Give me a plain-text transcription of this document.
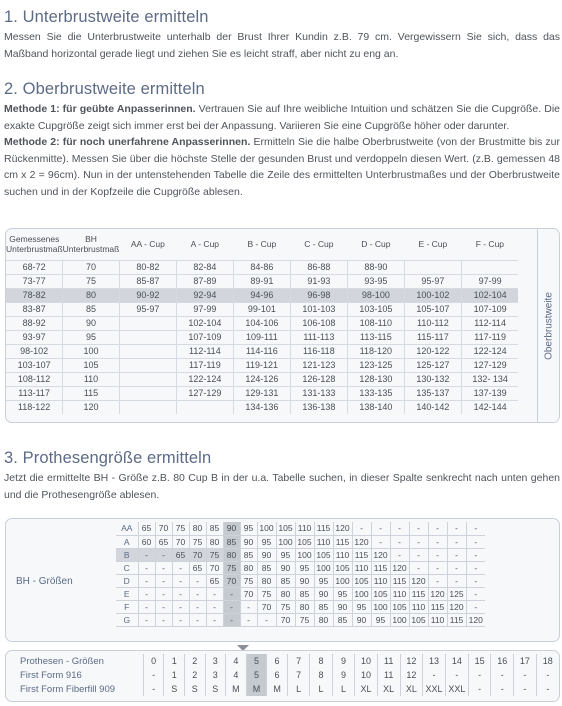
1. Unterbrustweite ermitteln

Messen Sie die Unterbrustweite unterhalb der Brust Ihrer Kundin z.B. 79 cm. Vergewissern Sie sich, dass das Maßband horizontal gerade liegt und ziehen Sie es leicht straff, aber nicht zu eng an.

2. Oberbrustweite ermitteln

Methode 1: für geübte Anpasserinnen. Vertrauen Sie auf Ihre weibliche Intuition und schätzen Sie die Cupgröße. Die exakte Cupgröße zeigt sich immer erst bei der Anpassung. Variieren Sie eine Cupgröße höher oder darunter.

Methode 2: für noch unerfahrene Anpasserinnen. Ermitteln Sie die halbe Oberbrustweite (von der Brustmitte bis zur Rückenmitte). Messen Sie über die höchste Stelle der gesunden Brust und verdoppeln diesen Wert. (z.B. gemessen 48 cm x 2 = 96cm). Nun in der untenstehenden Tabelle die Zeile des ermittelten Unterbrustmaßes und der Oberbrustweite suchen und in der Kopfzeile die Cupgröße ablesen.

Gemessenes Unterbrustmaß	BH Unterbrustmaß	AA - Cup	A - Cup	B - Cup	C - Cup	D - Cup	E - Cup	F - Cup
68-72	70	80-82	82-84	84-86	86-88	88-90		
73-77	75	85-87	87-89	89-91	91-93	93-95	95-97	97-99
78-82	80	90-92	92-94	94-96	96-98	98-100	100-102	102-104
83-87	85	95-97	97-99	99-101	101-103	103-105	105-107	107-109
88-92	90		102-104	104-106	106-108	108-110	110-112	112-114
93-97	95		107-109	109-111	111-113	113-115	115-117	117-119
98-102	100		112-114	114-116	116-118	118-120	120-122	122-124
103-107	105		117-119	119-121	121-123	123-125	125-127	127-129
108-112	110		122-124	124-126	126-128	128-130	130-132	132- 134
113-117	115		127-129	129-131	131-133	133-135	135-137	137-139
118-122	120			134-136	136-138	138-140	140-142	142-144
Oberbrustweite
3. Prothesengröße ermitteln

Jetzt die ermittelte BH - Größe z.B. 80 Cup B in der u.a. Tabelle suchen, in dieser Spalte senkrecht nach unten gehen und die Prothesengröße ablesen.

BH - Größen
AA	65	70	75	80	85	90	95	100	105	110	115	120	-	-	-	-	-	-	-
A	60	65	70	75	80	85	90	95	100	105	110	115	120	-	-	-	-	-	-
B	-	-	65	70	75	80	85	90	95	100	105	110	115	120	-	-	-	-	-
C	-	-	-	65	70	75	80	85	90	95	100	105	110	115	120	-	-	-	-
D	-	-	-	-	65	70	75	80	85	90	95	100	105	110	115	120	-	-	-
E	-	-	-	-	-	-	70	75	80	85	90	95	100	105	110	115	120	125	-
F	-	-	-	-	-	-	-	70	75	80	85	90	95	100	105	110	115	120	-
G	-	-	-	-	-	-	-	-	70	75	80	85	90	95	100	105	110	115	120
Prothesen - Größen	0	1	2	3	4	5	6	7	8	9	10	11	12	13	14	15	16	17	18
First Form 916	-	1	2	3	4	5	6	7	8	9	10	11	12	-	-	-	-	-	-
First Form Fiberfill 909	-	S	S	S	M	M	M	L	L	L	XL	XL	XL	XXL	XXL	-	-	-	-
